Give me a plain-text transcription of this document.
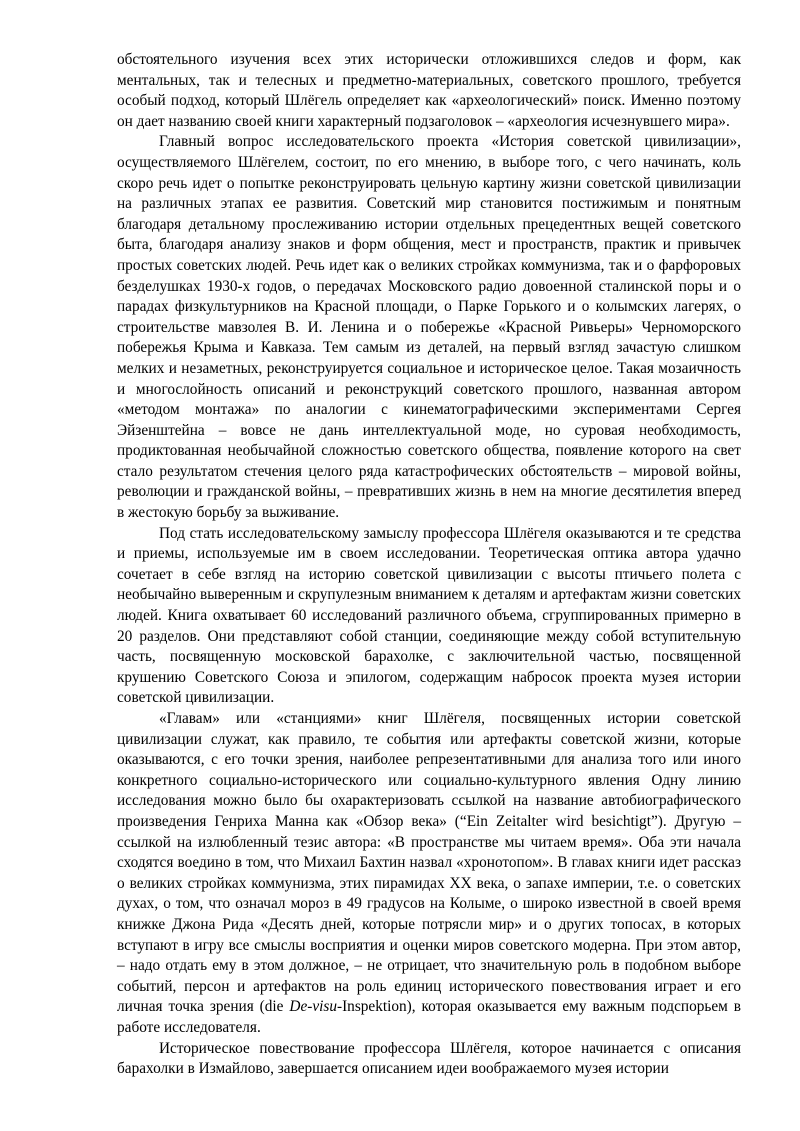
обстоятельного изучения всех этих исторически отложившихся следов и форм, как ментальных, так и телесных и предметно-материальных, советского прошлого, требуется особый подход, который Шлёгель определяет как «археологический» поиск. Именно поэтому он дает названию своей книги характерный подзаголовок – «археология исчезнувшего мира».

Главный вопрос исследовательского проекта «История советской цивилизации», осуществляемого Шлёгелем, состоит, по его мнению, в выборе того, с чего начинать, коль скоро речь идет о попытке реконструировать цельную картину жизни советской цивилизации на различных этапах ее развития. Советский мир становится постижимым и понятным благодаря детальному прослеживанию истории отдельных прецедентных вещей советского быта, благодаря анализу знаков и форм общения, мест и пространств, практик и привычек простых советских людей. Речь идет как о великих стройках коммунизма, так и о фарфоровых безделушках 1930-х годов, о передачах Московского радио довоенной сталинской поры и о парадах физкультурников на Красной площади, о Парке Горького и о колымских лагерях, о строительстве мавзолея В. И. Ленина и о побережье «Красной Ривьеры» Черноморского побережья Крыма и Кавказа. Тем самым из деталей, на первый взгляд зачастую слишком мелких и незаметных, реконструируется социальное и историческое целое. Такая мозаичность и многослойность описаний и реконструкций советского прошлого, названная автором «методом монтажа» по аналогии с кинематографическими экспериментами Сергея Эйзенштейна – вовсе не дань интеллектуальной моде, но суровая необходимость, продиктованная необычайной сложностью советского общества, появление которого на свет стало результатом стечения целого ряда катастрофических обстоятельств – мировой войны, революции и гражданской войны, – превративших жизнь в нем на многие десятилетия вперед в жестокую борьбу за выживание.

Под стать исследовательскому замыслу профессора Шлёгеля оказываются и те средства и приемы, используемые им в своем исследовании. Теоретическая оптика автора удачно сочетает в себе взгляд на историю советской цивилизации с высоты птичьего полета с необычайно выверенным и скрупулезным вниманием к деталям и артефактам жизни советских людей. Книга охватывает 60 исследований различного объема, сгруппированных примерно в 20 разделов. Они представляют собой станции, соединяющие между собой вступительную часть, посвященную московской барахолке, с заключительной частью, посвященной крушению Советского Союза и эпилогом, содержащим набросок проекта музея истории советской цивилизации.

«Главам» или «станциями» книг Шлёгеля, посвященных истории советской цивилизации служат, как правило, те события или артефакты советской жизни, которые оказываются, с его точки зрения, наиболее репрезентативными для анализа того или иного конкретного социально-исторического или социально-культурного явления Одну линию исследования можно было бы охарактеризовать ссылкой на название автобиографического произведения Генриха Манна как «Обзор века» (“Ein Zeitalter wird besichtigt”). Другую – ссылкой на излюбленный тезис автора: «В пространстве мы читаем время». Оба эти начала сходятся воедино в том, что Михаил Бахтин назвал «хронотопом». В главах книги идет рассказ о великих стройках коммунизма, этих пирамидах XX века, о запахе империи, т.е. о советских духах, о том, что означал мороз в 49 градусов на Колыме, о широко известной в своей время книжке Джона Рида «Десять дней, которые потрясли мир» и о других топосах, в которых вступают в игру все смыслы восприятия и оценки миров советского модерна. При этом автор, – надо отдать ему в этом должное, – не отрицает, что значительную роль в подобном выборе событий, персон и артефактов на роль единиц исторического повествования играет и его личная точка зрения (die De-visu-Inspektion), которая оказывается ему важным подспорьем в работе исследователя.

Историческое повествование профессора Шлёгеля, которое начинается с описания барахолки в Измайлово, завершается описанием идеи воображаемого музея истории
